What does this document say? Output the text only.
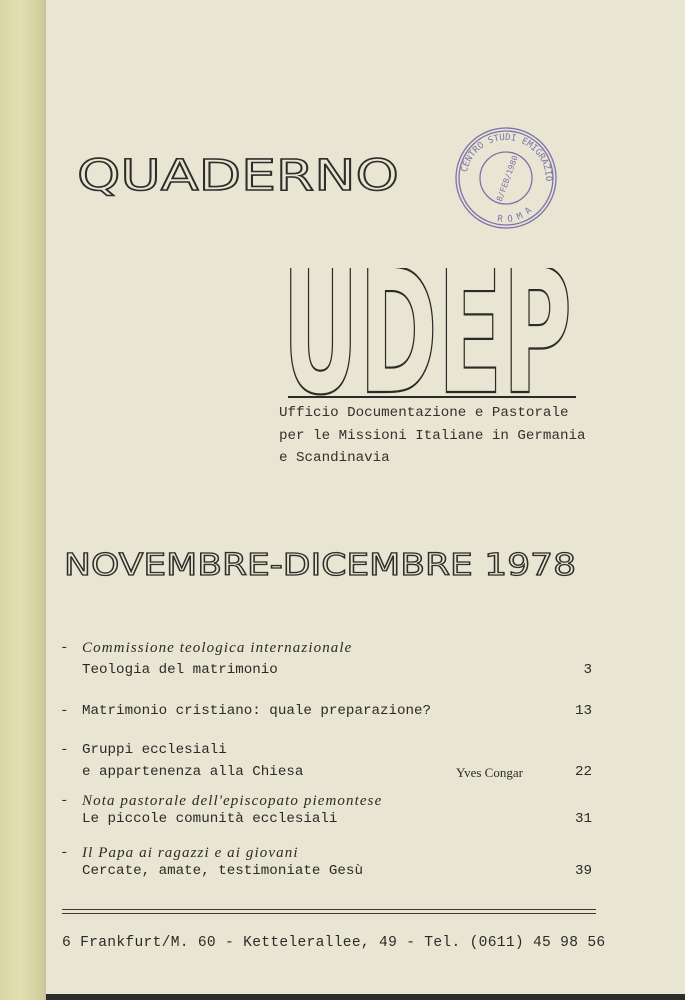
QUADERNO	CENTRO STUDI EMIGRAZIO
R O M A
8/FEB/1980
UDEP
Ufficio Documentazione e Pastorale
per le Missioni Italiane in Germania
e Scandinavia
NOVEMBRE-DICEMBRE 1978
- Commissione teologica internazionale
Teologia del matrimonio	3
- Matrimonio cristiano: quale preparazione?	13
- Gruppi ecclesiali
e appartenenza alla Chiesa	Yves Congar	22
- Nota pastorale dell'episcopato piemontese
Le piccole comunità ecclesiali	31
- Il Papa ai ragazzi e ai giovani
Cercate, amate, testimoniate Gesù	39
6 Frankfurt/M. 60 - Kettelerallee, 49 - Tel. (0611) 45 98 56
